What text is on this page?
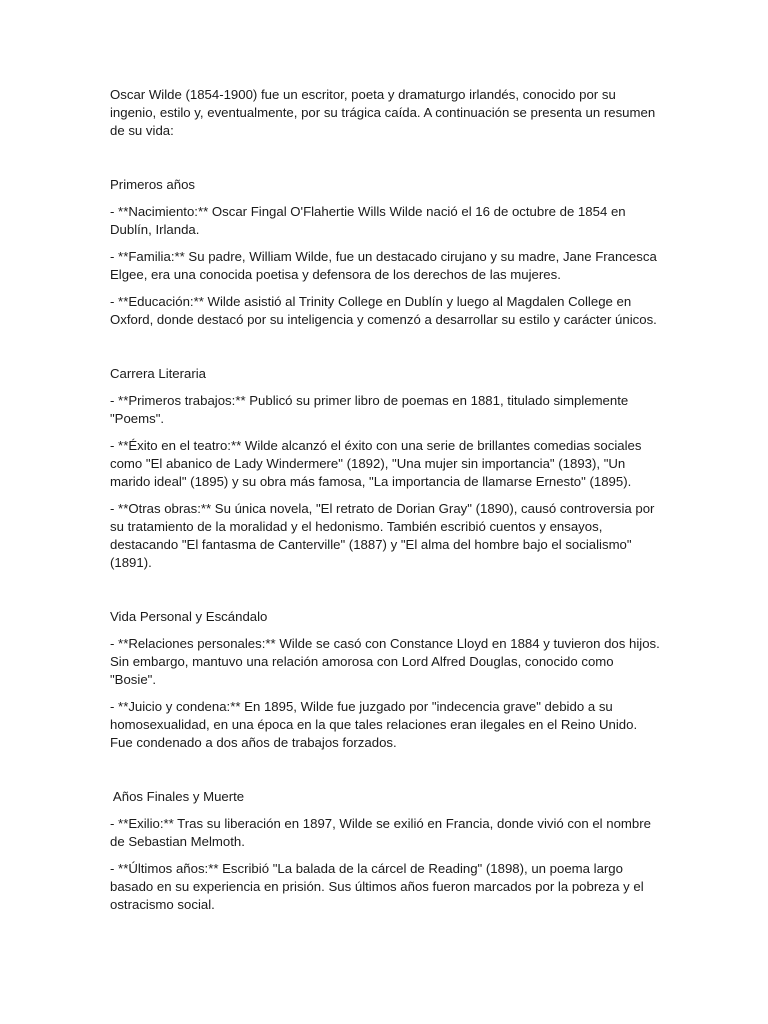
Oscar Wilde (1854-1900) fue un escritor, poeta y dramaturgo irlandés, conocido por su ingenio, estilo y, eventualmente, por su trágica caída. A continuación se presenta un resumen de su vida:

Primeros años

- **Nacimiento:** Oscar Fingal O'Flahertie Wills Wilde nació el 16 de octubre de 1854 en Dublín, Irlanda.

- **Familia:** Su padre, William Wilde, fue un destacado cirujano y su madre, Jane Francesca Elgee, era una conocida poetisa y defensora de los derechos de las mujeres.

- **Educación:** Wilde asistió al Trinity College en Dublín y luego al Magdalen College en Oxford, donde destacó por su inteligencia y comenzó a desarrollar su estilo y carácter únicos.

Carrera Literaria

- **Primeros trabajos:** Publicó su primer libro de poemas en 1881, titulado simplemente "Poems".

- **Éxito en el teatro:** Wilde alcanzó el éxito con una serie de brillantes comedias sociales como "El abanico de Lady Windermere" (1892), "Una mujer sin importancia" (1893), "Un marido ideal" (1895) y su obra más famosa, "La importancia de llamarse Ernesto" (1895).

- **Otras obras:** Su única novela, "El retrato de Dorian Gray" (1890), causó controversia por su tratamiento de la moralidad y el hedonismo. También escribió cuentos y ensayos, destacando "El fantasma de Canterville" (1887) y "El alma del hombre bajo el socialismo" (1891).

Vida Personal y Escándalo

- **Relaciones personales:** Wilde se casó con Constance Lloyd en 1884 y tuvieron dos hijos. Sin embargo, mantuvo una relación amorosa con Lord Alfred Douglas, conocido como "Bosie".

- **Juicio y condena:** En 1895, Wilde fue juzgado por "indecencia grave" debido a su homosexualidad, en una época en la que tales relaciones eran ilegales en el Reino Unido. Fue condenado a dos años de trabajos forzados.

Años Finales y Muerte

- **Exilio:** Tras su liberación en 1897, Wilde se exilió en Francia, donde vivió con el nombre de Sebastian Melmoth.

- **Últimos años:** Escribió "La balada de la cárcel de Reading" (1898), un poema largo basado en su experiencia en prisión. Sus últimos años fueron marcados por la pobreza y el ostracismo social.
